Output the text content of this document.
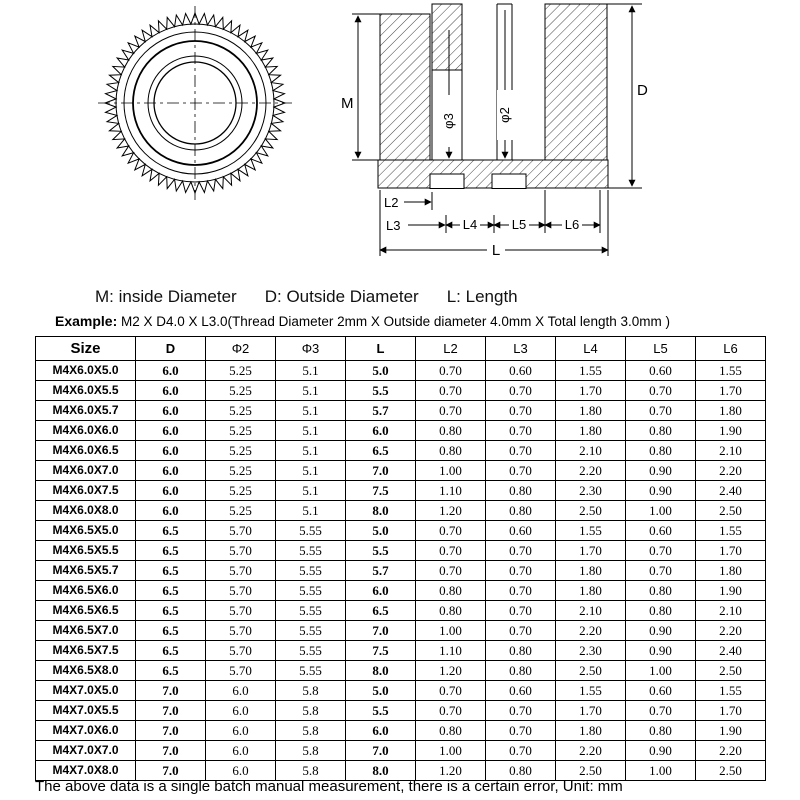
M
D
φ3	φ2
L2
L3	L4	L5	L6
L
M: inside Diameter D: Outside Diameter L: Length
Example: M2 X D4.0 X L3.0(Thread Diameter 2mm X Outside diameter 4.0mm X Total length 3.0mm )
Size	D	Φ2	Φ3	L	L2	L3	L4	L5	L6
M4X6.0X5.0	6.0	5.25	5.1	5.0	0.70	0.60	1.55	0.60	1.55
M4X6.0X5.5	6.0	5.25	5.1	5.5	0.70	0.70	1.70	0.70	1.70
M4X6.0X5.7	6.0	5.25	5.1	5.7	0.70	0.70	1.80	0.70	1.80
M4X6.0X6.0	6.0	5.25	5.1	6.0	0.80	0.70	1.80	0.80	1.90
M4X6.0X6.5	6.0	5.25	5.1	6.5	0.80	0.70	2.10	0.80	2.10
M4X6.0X7.0	6.0	5.25	5.1	7.0	1.00	0.70	2.20	0.90	2.20
M4X6.0X7.5	6.0	5.25	5.1	7.5	1.10	0.80	2.30	0.90	2.40
M4X6.0X8.0	6.0	5.25	5.1	8.0	1.20	0.80	2.50	1.00	2.50
M4X6.5X5.0	6.5	5.70	5.55	5.0	0.70	0.60	1.55	0.60	1.55
M4X6.5X5.5	6.5	5.70	5.55	5.5	0.70	0.70	1.70	0.70	1.70
M4X6.5X5.7	6.5	5.70	5.55	5.7	0.70	0.70	1.80	0.70	1.80
M4X6.5X6.0	6.5	5.70	5.55	6.0	0.80	0.70	1.80	0.80	1.90
M4X6.5X6.5	6.5	5.70	5.55	6.5	0.80	0.70	2.10	0.80	2.10
M4X6.5X7.0	6.5	5.70	5.55	7.0	1.00	0.70	2.20	0.90	2.20
M4X6.5X7.5	6.5	5.70	5.55	7.5	1.10	0.80	2.30	0.90	2.40
M4X6.5X8.0	6.5	5.70	5.55	8.0	1.20	0.80	2.50	1.00	2.50
M4X7.0X5.0	7.0	6.0	5.8	5.0	0.70	0.60	1.55	0.60	1.55
M4X7.0X5.5	7.0	6.0	5.8	5.5	0.70	0.70	1.70	0.70	1.70
M4X7.0X6.0	7.0	6.0	5.8	6.0	0.80	0.70	1.80	0.80	1.90
M4X7.0X7.0	7.0	6.0	5.8	7.0	1.00	0.70	2.20	0.90	2.20
M4X7.0X8.0	7.0	6.0	5.8	8.0	1.20	0.80	2.50	1.00	2.50
The above data is a single batch manual measurement, there is a certain error, Unit: mm
